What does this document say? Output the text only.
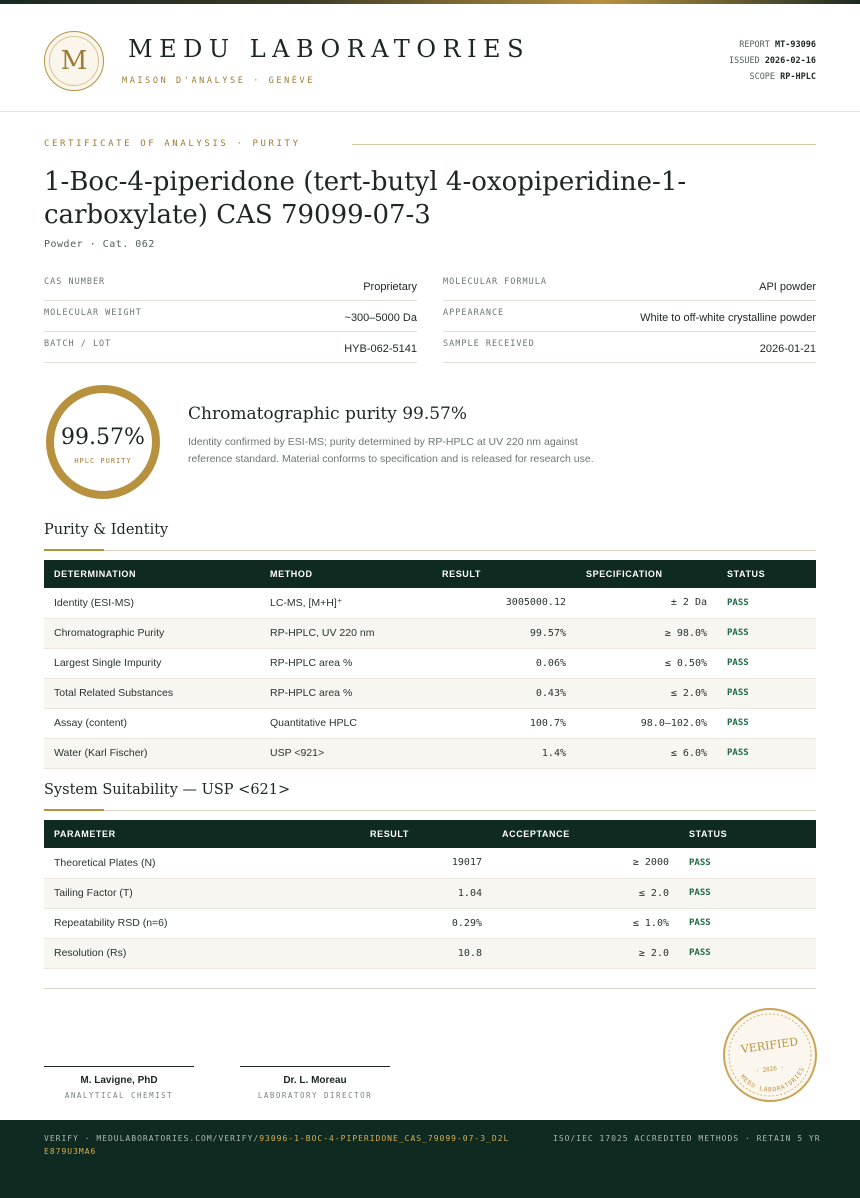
M	MEDU LABORATORIES
MAISON D'ANALYSE · GENÈVE
REPORT MT-93096
ISSUED 2026-02-16
SCOPE RP-HPLC
CERTIFICATE OF ANALYSIS · PURITY
1-Boc-4-piperidone (tert-butyl 4-oxopiperidine-1-carboxylate) CAS 79099-07-3
Powder · Cat. 062
CAS NUMBER	Proprietary
MOLECULAR WEIGHT	~300–5000 Da
BATCH / LOT	HYB-062-5141
MOLECULAR FORMULA	API powder
APPEARANCE	White to off-white crystalline powder
SAMPLE RECEIVED	2026-01-21
99.57%
HPLC PURITY
Chromatographic purity 99.57%
Identity confirmed by ESI-MS; purity determined by RP-HPLC at UV 220 nm against reference standard. Material conforms to specification and is released for research use.
Purity & Identity
DETERMINATION	METHOD	RESULT	SPECIFICATION	STATUS
Identity (ESI-MS)	LC-MS, [M+H]⁺	3005000.12	± 2 Da	PASS
Chromatographic Purity	RP-HPLC, UV 220 nm	99.57%	≥ 98.0%	PASS
Largest Single Impurity	RP-HPLC area %	0.06%	≤ 0.50%	PASS
Total Related Substances	RP-HPLC area %	0.43%	≤ 2.0%	PASS
Assay (content)	Quantitative HPLC	100.7%	98.0–102.0%	PASS
Water (Karl Fischer)	USP <921>	1.4%	≤ 6.0%	PASS
System Suitability — USP <621>
PARAMETER	RESULT	ACCEPTANCE	STATUS
Theoretical Plates (N)	19017	≥ 2000	PASS
Tailing Factor (T)	1.04	≤ 2.0	PASS
Repeatability RSD (n=6)	0.29%	≤ 1.0%	PASS
Resolution (Rs)	10.8	≥ 2.0	PASS
M. Lavigne, PhD
ANALYTICAL CHEMIST
Dr. L. Moreau
LABORATORY DIRECTOR
VERIFIED
MEDU LABORATORIES
· 2026 ·
VERIFY · MEDULABORATORIES.COM/VERIFY/93096-1-BOC-4-PIPERIDONE_CAS_79099-07-3_D2LE879U3MA6
ISO/IEC 17025 ACCREDITED METHODS · RETAIN 5 YR
